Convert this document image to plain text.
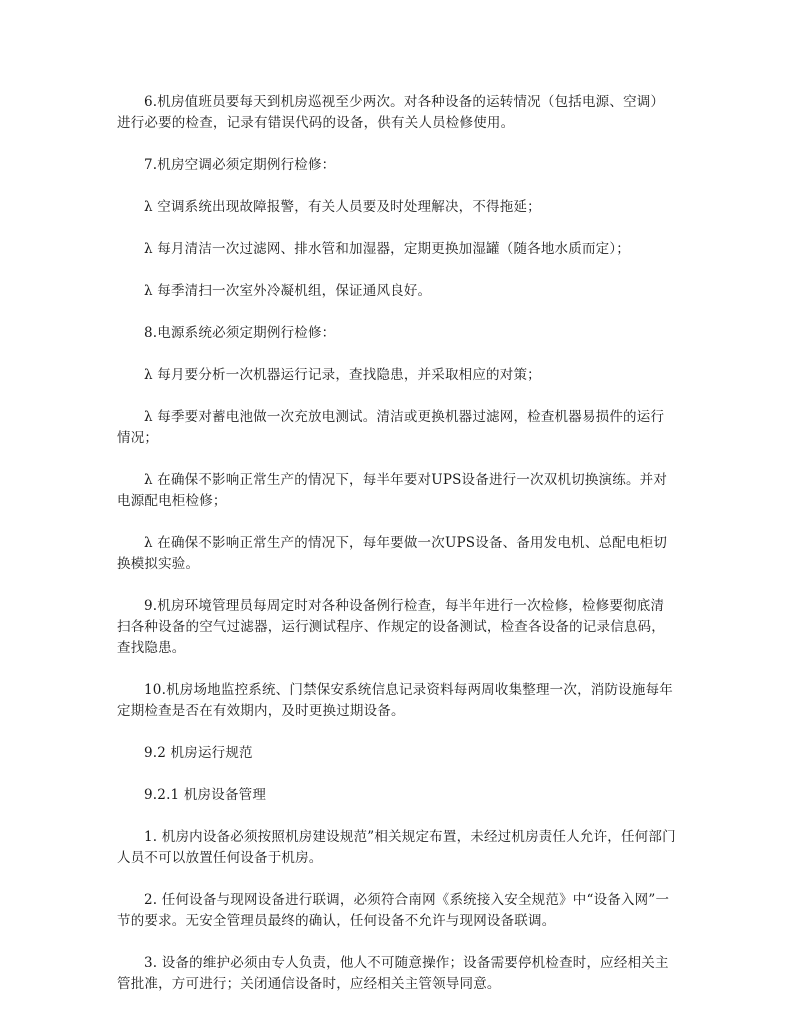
6.机房值班员要每天到机房巡视至少两次。对各种设备的运转情况（包括电源、空调）进行必要的检查，记录有错误代码的设备，供有关人员检修使用。

7.机房空调必须定期例行检修：

λ 空调系统出现故障报警，有关人员要及时处理解决，不得拖延；

λ 每月清洁一次过滤网、排水管和加湿器，定期更换加湿罐（随各地水质而定）；

λ 每季清扫一次室外冷凝机组，保证通风良好。

8.电源系统必须定期例行检修：

λ 每月要分析一次机器运行记录，查找隐患，并采取相应的对策；

λ 每季要对蓄电池做一次充放电测试。清洁或更换机器过滤网，检查机器易损件的运行情况；

λ 在确保不影响正常生产的情况下，每半年要对UPS设备进行一次双机切换演练。并对电源配电柜检修；

λ 在确保不影响正常生产的情况下，每年要做一次UPS设备、备用发电机、总配电柜切换模拟实验。

9.机房环境管理员每周定时对各种设备例行检查，每半年进行一次检修，检修要彻底清扫各种设备的空气过滤器，运行测试程序、作规定的设备测试，检查各设备的记录信息码，查找隐患。

10.机房场地监控系统、门禁保安系统信息记录资料每两周收集整理一次，消防设施每年定期检查是否在有效期内，及时更换过期设备。

9.2 机房运行规范

9.2.1 机房设备管理

1. 机房内设备必须按照机房建设规范”相关规定布置，未经过机房责任人允许，任何部门人员不可以放置任何设备于机房。

2. 任何设备与现网设备进行联调，必须符合南网《系统接入安全规范》中“设备入网”一节的要求。无安全管理员最终的确认，任何设备不允许与现网设备联调。

3. 设备的维护必须由专人负责，他人不可随意操作；设备需要停机检查时，应经相关主管批准，方可进行；关闭通信设备时，应经相关主管领导同意。
